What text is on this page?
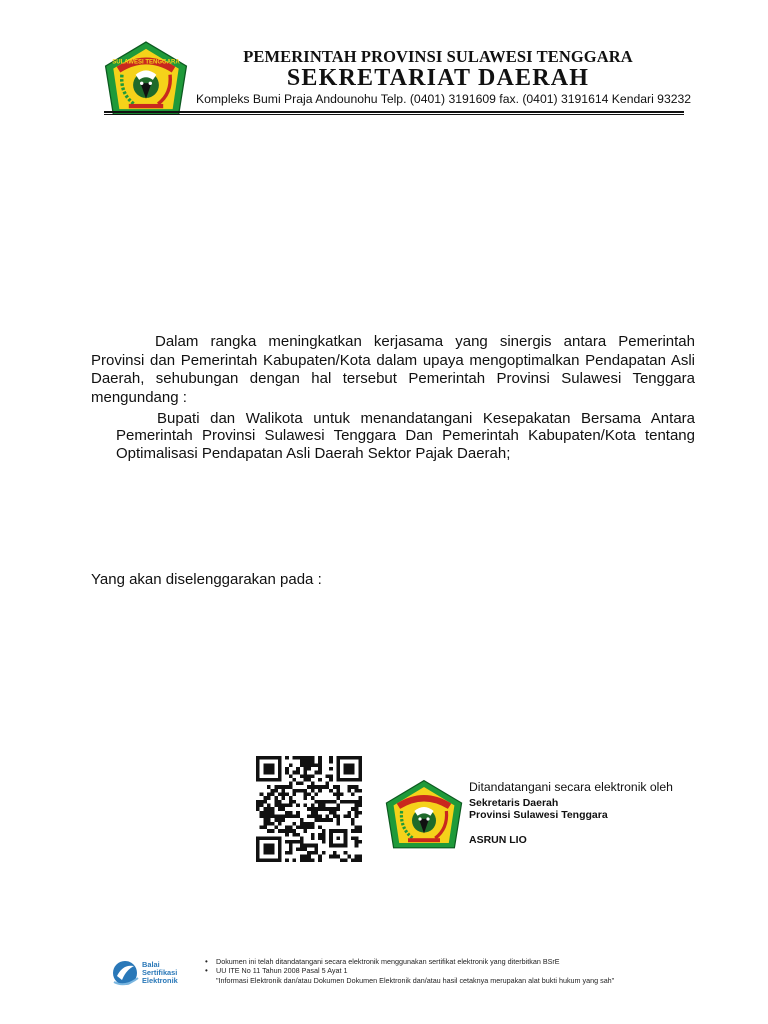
SULAWESI TENGGARA	PEMERINTAH PROVINSI SULAWESI TENGGARA
SEKRETARIAT DAERAH
Kompleks Bumi Praja Andounohu Telp. (0401) 3191609 fax. (0401) 3191614 Kendari 93232
Dalam rangka meningkatkan kerjasama yang sinergis antara Pemerintah Provinsi dan Pemerintah Kabupaten/Kota dalam upaya mengoptimalkan Pendapatan Asli Daerah, sehubungan dengan hal tersebut Pemerintah Provinsi Sulawesi Tenggara mengundang :
Bupati dan Walikota untuk menandatangani Kesepakatan Bersama Antara Pemerintah Provinsi Sulawesi Tenggara Dan Pemerintah Kabupaten/Kota tentang Optimalisasi Pendapatan Asli Daerah Sektor Pajak Daerah;
Yang akan diselenggarakan pada :
Ditandatangani secara elektronik oleh
Sekretaris Daerah
Provinsi Sulawesi Tenggara
ASRUN LIO
Balai
Sertifikasi
Elektronik
• Dokumen ini telah ditandatangani secara elektronik menggunakan sertifikat elektronik yang diterbitkan BSrE
• UU ITE No 11 Tahun 2008 Pasal 5 Ayat 1
"Informasi Elektronik dan/atau Dokumen Dokumen Elektronik dan/atau hasil cetaknya merupakan alat bukti hukum yang sah"
